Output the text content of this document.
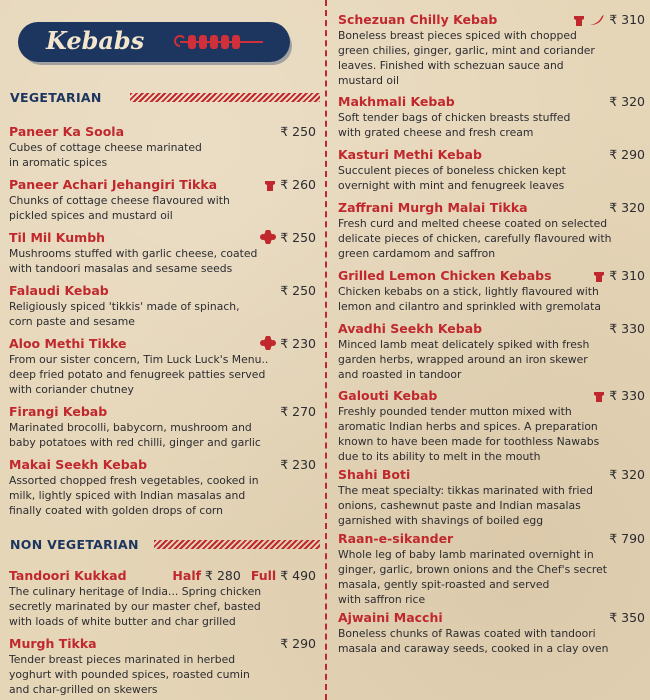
Kebabs
VEGETARIAN
NON VEGETARIAN
Paneer Ka Soola	₹ 250
Cubes of cottage cheese marinated
in aromatic spices
Paneer Achari Jehangiri Tikka	₹ 260
Chunks of cottage cheese flavoured with
pickled spices and mustard oil
Til Mil Kumbh	₹ 250
Mushrooms stuffed with garlic cheese, coated
with tandoori masalas and sesame seeds
Falaudi Kebab	₹ 250
Religiously spiced 'tikkis' made of spinach,
corn paste and sesame
Aloo Methi Tikke	₹ 230
From our sister concern, Tim Luck Luck's Menu..
deep fried potato and fenugreek patties served
with coriander chutney
Firangi Kebab	₹ 270
Marinated brocolli, babycorn, mushroom and
baby potatoes with red chilli, ginger and garlic
Makai Seekh Kebab	₹ 230
Assorted chopped fresh vegetables, cooked in
milk, lightly spiced with Indian masalas and
finally coated with golden drops of corn
Tandoori Kukkad	Half ₹ 280 Full ₹ 490
The culinary heritage of India... Spring chicken
secretly marinated by our master chef, basted
with loads of white butter and char grilled
Murgh Tikka	₹ 290
Tender breast pieces marinated in herbed
yoghurt with pounded spices, roasted cumin
and char-grilled on skewers
Schezuan Chilly Kebab	₹ 310
Boneless breast pieces spiced with chopped
green chilies, ginger, garlic, mint and coriander
leaves. Finished with schezuan sauce and
mustard oil
Makhmali Kebab	₹ 320
Soft tender bags of chicken breasts stuffed
with grated cheese and fresh cream
Kasturi Methi Kebab	₹ 290
Succulent pieces of boneless chicken kept
overnight with mint and fenugreek leaves
Zaffrani Murgh Malai Tikka	₹ 320
Fresh curd and melted cheese coated on selected
delicate pieces of chicken, carefully flavoured with
green cardamom and saffron
Grilled Lemon Chicken Kebabs	₹ 310
Chicken kebabs on a stick, lightly flavoured with
lemon and cilantro and sprinkled with gremolata
Avadhi Seekh Kebab	₹ 330
Minced lamb meat delicately spiked with fresh
garden herbs, wrapped around an iron skewer
and roasted in tandoor
Galouti Kebab	₹ 330
Freshly pounded tender mutton mixed with
aromatic Indian herbs and spices. A preparation
known to have been made for toothless Nawabs
due to its ability to melt in the mouth
Shahi Boti	₹ 320
The meat specialty: tikkas marinated with fried
onions, cashewnut paste and Indian masalas
garnished with shavings of boiled egg
Raan-e-sikander	₹ 790
Whole leg of baby lamb marinated overnight in
ginger, garlic, brown onions and the Chef's secret
masala, gently spit-roasted and served
with saffron rice
Ajwaini Macchi	₹ 350
Boneless chunks of Rawas coated with tandoori
masala and caraway seeds, cooked in a clay oven
